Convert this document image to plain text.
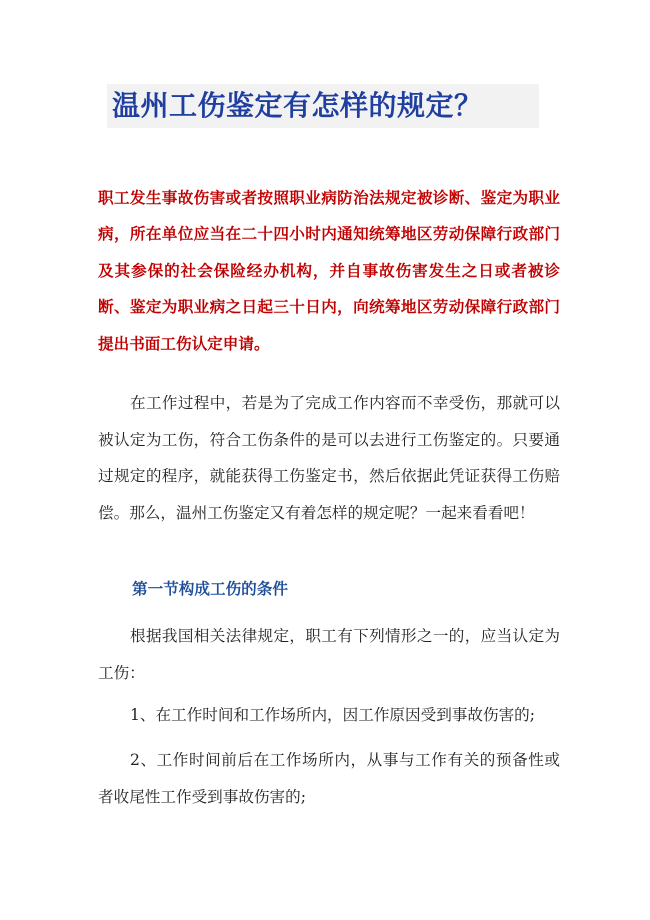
温州工伤鉴定有怎样的规定？

职工发生事故伤害或者按照职业病防治法规定被诊断、鉴定为职业病，所在单位应当在二十四小时内通知统筹地区劳动保障行政部门及其参保的社会保险经办机构，并自事故伤害发生之日或者被诊断、鉴定为职业病之日起三十日内，向统筹地区劳动保障行政部门提出书面工伤认定申请。

在工作过程中，若是为了完成工作内容而不幸受伤，那就可以被认定为工伤，符合工伤条件的是可以去进行工伤鉴定的。只要通过规定的程序，就能获得工伤鉴定书，然后依据此凭证获得工伤赔偿。那么，温州工伤鉴定又有着怎样的规定呢？一起来看看吧！

第一节构成工伤的条件

根据我国相关法律规定，职工有下列情形之一的，应当认定为工伤：

1、在工作时间和工作场所内，因工作原因受到事故伤害的;

2、工作时间前后在工作场所内，从事与工作有关的预备性或者收尾性工作受到事故伤害的;
